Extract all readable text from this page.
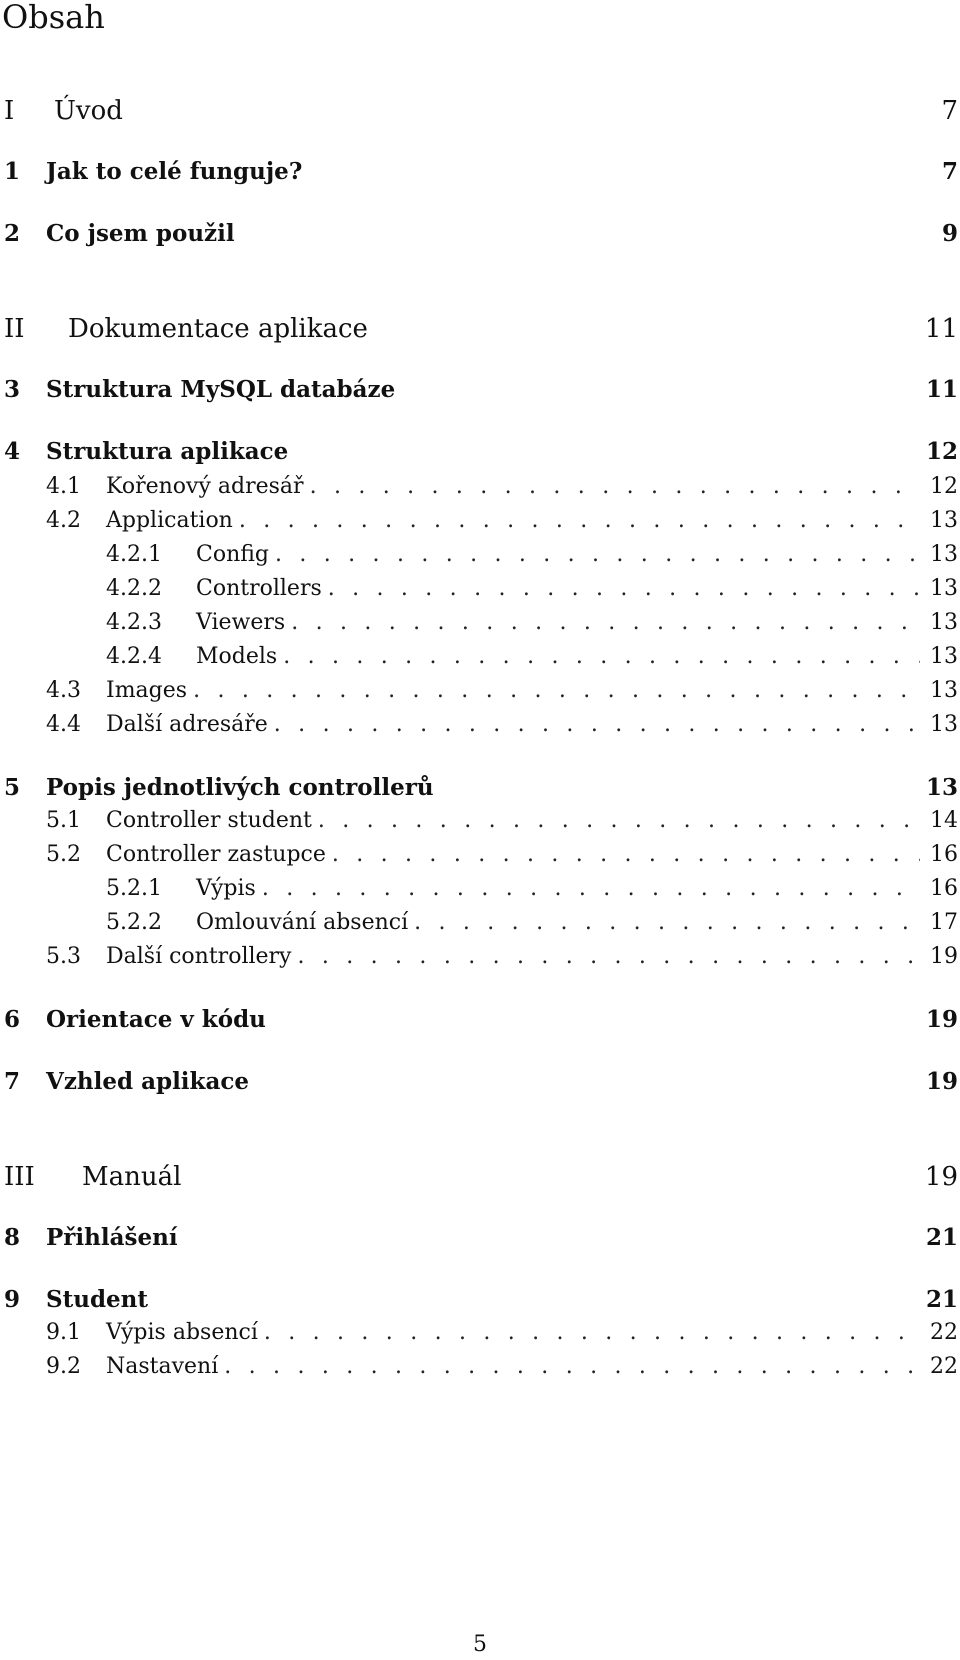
Obsah
I	Úvod	7
1	Jak to celé funguje?	7
2	Co jsem použil	9
II	Dokumentace aplikace	11
3	Struktura MySQL databáze	11
4	Struktura aplikace	12
4.1	Kořenový adresář . . .	12
4.2	Application . . .	13
4.2.1	Config . . .	13
4.2.2	Controllers . . .	13
4.2.3	Viewers . . .	13
4.2.4	Models . . .	13
4.3	Images . . .	13
4.4	Další adresáře . . .	13
5	Popis jednotlivých controllerů	13
5.1	Controller student . . .	14
5.2	Controller zastupce . . .	16
5.2.1	Výpis . . .	16
5.2.2	Omlouvání absencí . . .	17
5.3	Další controllery . . .	19
6	Orientace v kódu	19
7	Vzhled aplikace	19
III	Manuál	19
8	Přihlášení	21
9	Student	21
9.1	Výpis absencí . . .	22
9.2	Nastavení . . .	22
5
